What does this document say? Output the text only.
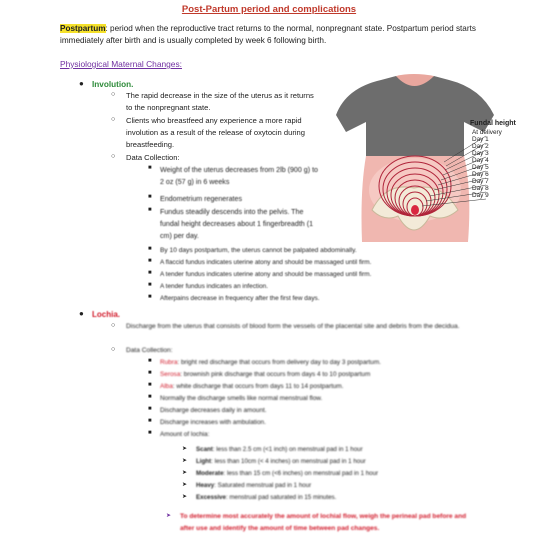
Post-Partum period and complications
Postpartum: period when the reproductive tract returns to the normal, nonpregnant state. Postpartum period starts immediately after birth and is usually completed by week 6 following birth.
Physiological Maternal Changes:
● Involution.
○ The rapid decrease in the size of the uterus as it returns to the nonpregnant state.
○ Clients who breastfeed any experience a more rapid involution as a result of the release of oxytocin during breastfeeding.
○ Data Collection:
■ Weight of the uterus decreases from 2lb (900 g) to 2 oz (57 g) in 6 weeks
■ Endometrium regenerates
■ Fundus steadily descends into the pelvis. The fundal height decreases about 1 fingerbreadth (1 cm) per day.
■ By 10 days postpartum, the uterus cannot be palpated abdominally.
■ A flaccid fundus indicates uterine atony and should be massaged until firm.
■ A tender fundus indicates uterine atony and should be massaged until firm.
■ A tender fundus indicates an infection.
■ Afterpains decrease in frequency after the first few days.
Fundal height
At delivery
Day 1
Day 2
Day 3
Day 4
Day 5
Day 6
Day 7
Day 8
Day 9
● Lochia.
○ Discharge from the uterus that consists of blood form the vessels of the placental site and debris from the decidua.
○ Data Collection:
■ Rubra: bright red discharge that occurs from delivery day to day 3 postpartum.
■ Serosa: brownish pink discharge that occurs from days 4 to 10 postpartum
■ Alba: white discharge that occurs from days 11 to 14 postpartum.
■ Normally the discharge smells like normal menstrual flow.
■ Discharge decreases daily in amount.
■ Discharge increases with ambulation.
■ Amount of lochia:
➤ Scant: less than 2.5 cm (<1 inch) on menstrual pad in 1 hour
➤ Light: less than 10cm (< 4 inches) on menstrual pad in 1 hour
➤ Moderate: less than 15 cm (<6 inches) on menstrual pad in 1 hour
➤ Heavy: Saturated menstrual pad in 1 hour
➤ Excessive: menstrual pad saturated in 15 minutes.
➤ To determine most accurately the amount of lochial flow, weigh the perineal pad before and after use and identify the amount of time between pad changes.
